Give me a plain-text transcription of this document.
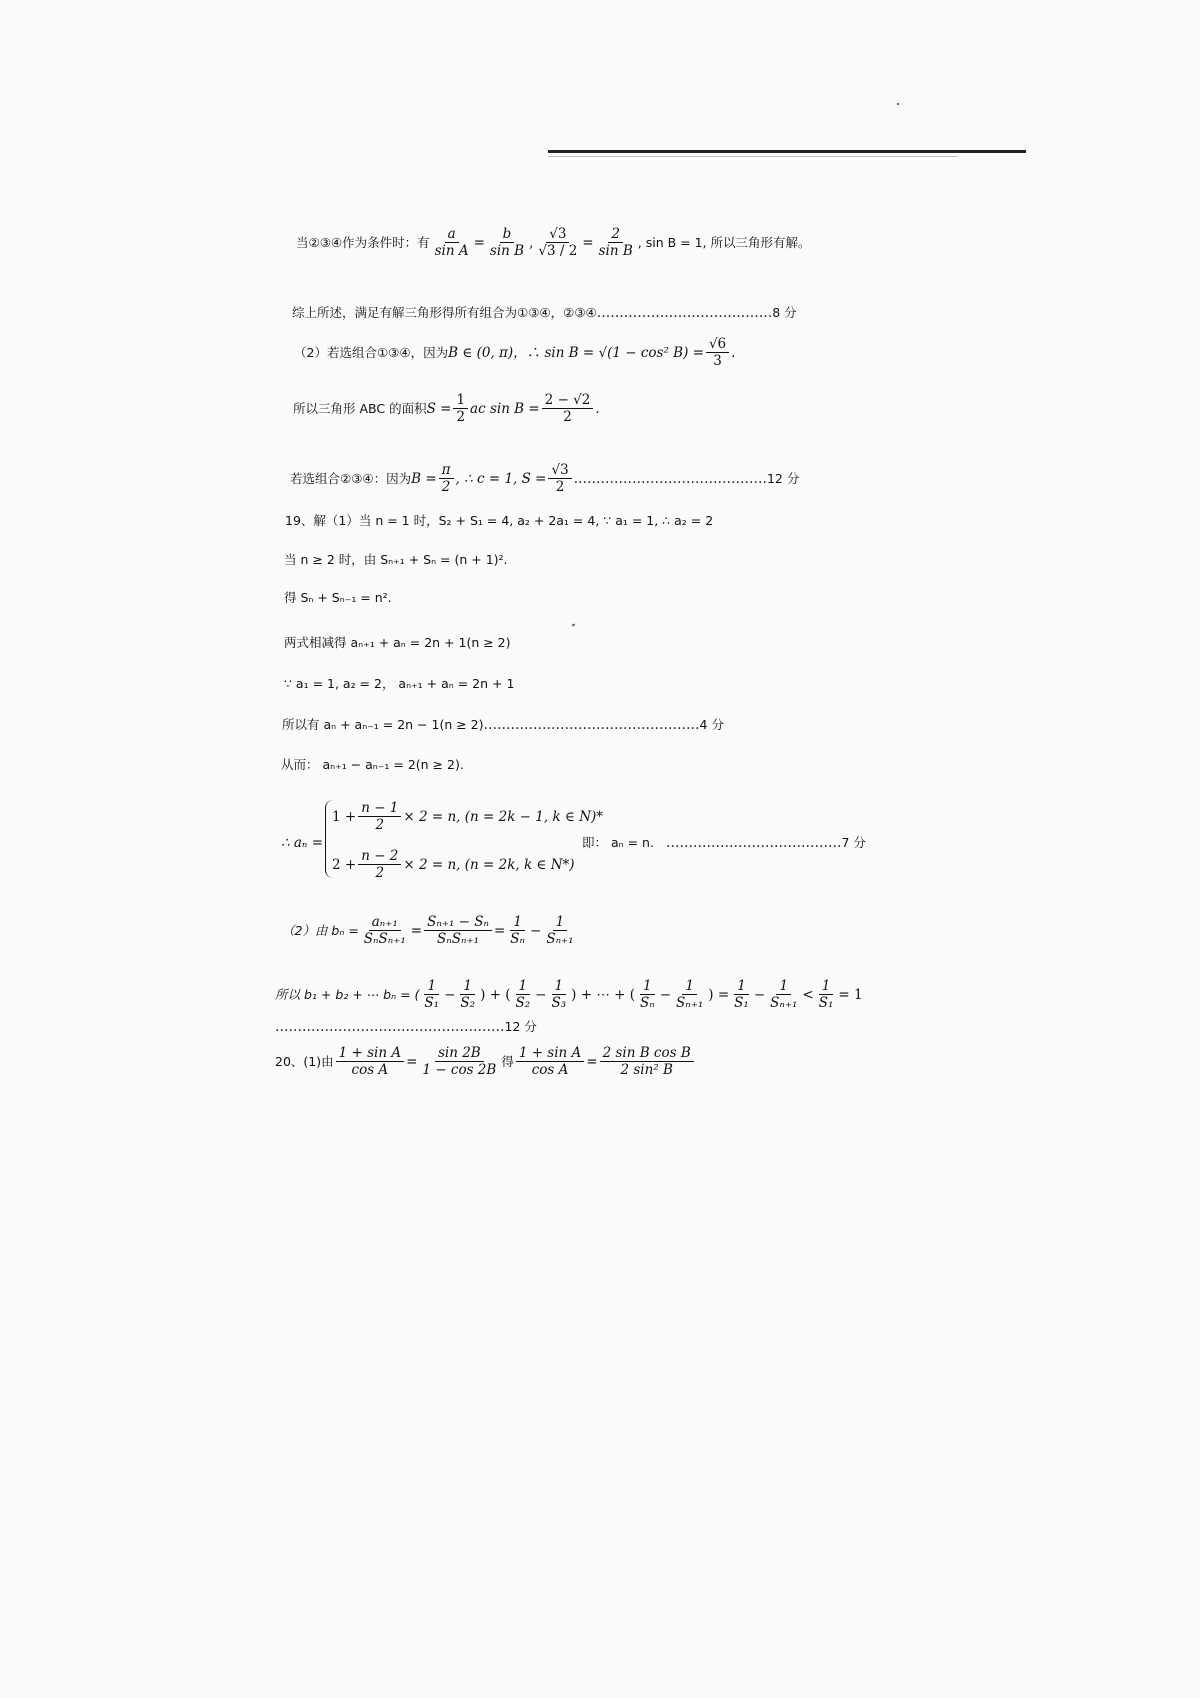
当②③④作为条件时：有 $\frac{a}{\text{sin A}} = \frac{b}{\text{sin B}}$ , $\frac{√3}{√3 / 2} = \frac{2}{\text{sin B}}$ , sin B = 1, 所以三角形有解。
综上所述，满足有解三角形得所有组合为①③④，②③④ ………………………………… 8 分
（2）若选组合①③④，因为 B ∈ (0, π)，∴ sin B = √(1 − cos² $B) = \frac{√6}{3}$ .
所以三角形 ABC 的面积 $S = \frac{1}{2}$ ac $\sin B = \frac{2 - √2}{2}$ .
若选组合②③④：因为 $B = \frac{\pi}{2}$ , ∴ c = 1, $S = \frac{√3}{2}$ .…………………………………… 12 分
19、解（1）当 n = 1 时，S₂ + S₁ = 4, a₂ + 2a₁ = 4, ∵ a₁ = 1, ∴ a₂ = 2
当 n ≥ 2 时，由 Sₙ₊₁ + Sₙ = (n + 1)².
得 Sₙ + Sₙ₋₁ = n².
两式相减得 aₙ₊₁ + aₙ = 2n + 1(n ≥ 2)
∵ a₁ = 1, a₂ = 2， aₙ₊₁ + aₙ = 2n + 1
所以有 aₙ + aₙ₋₁ = 2n − 1(n ≥ 2) ………………………………………… 4 分
从而： aₙ₊₁ − aₙ₋₁ = 2(n ≥ 2).
∴ aₙ =
$1 + \frac{n - 1}{2} \times 2 = n$, (n = 2k − 1, k ∈ N)*
$2 + \frac{n - 2}{2} \times 2 = n$, (n = 2k, k ∈ N*)
即： aₙ = n. ………………………………… 7 分
（2）由 $b_n = \frac{\text{aₙ₊₁}}{\text{SₙSₙ₊₁}} = \frac{\text{Sₙ₊₁ − Sₙ}}{\text{SₙSₙ₊₁}} = \frac{1}{\text{Sₙ}} - \frac{1}{\text{Sₙ₊₁}}$
所以 b₁ + b₂ + ⋯ bₙ = ( $\frac{1}{\text{S₁}} - \frac{1}{\text{S₂}}$ ) + ( $\frac{1}{\text{S₂}} - \frac{1}{\text{S₃}}$ ) + ⋯ + ( $\frac{1}{\text{Sₙ}} - \frac{1}{\text{Sₙ₊₁}}$ ) = $\frac{1}{\text{S₁}} - \frac{1}{\text{Sₙ₊₁}} < \frac{1}{\text{S₁}} = 1$
…………………………………………… 12 分
20、(1)由 $\frac{\text{1 + sin A}}{\text{cos A}} = \frac{\sin 2B}{1 - \cos 2B}$ 得 $\frac{\text{1 + sin A}}{\text{cos A}} = \frac{\text{2 sin B cos B}}{\text{2 sin² B}}$
